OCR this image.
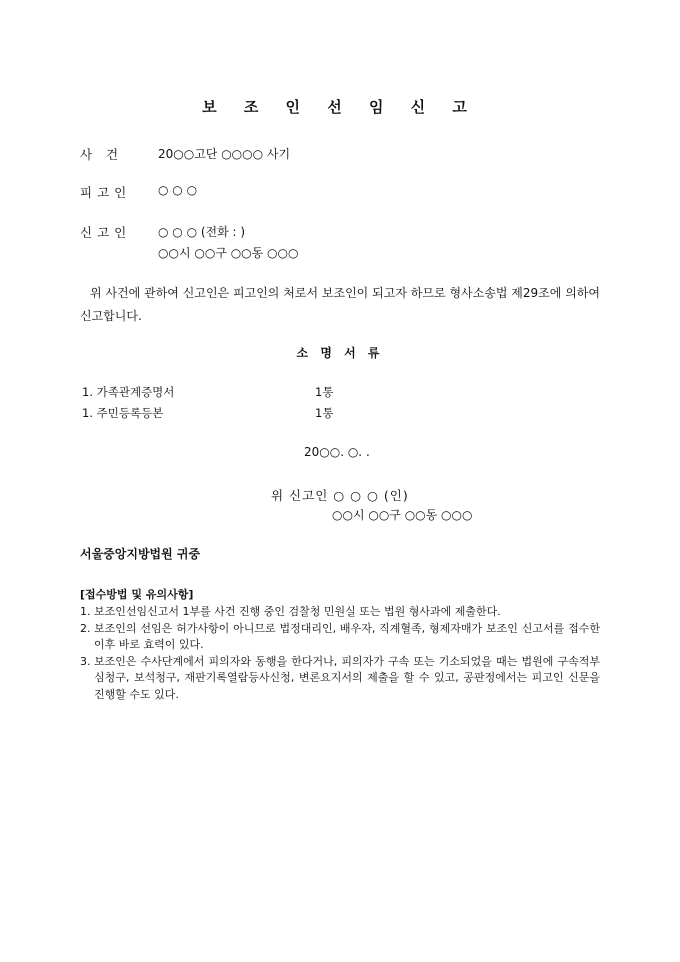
보 조 인 선 임 신 고
사 건	20○○고단 ○○○○ 사기
피고인 ○ ○ ○
신고인 ○ ○ ○ (전화 : )
○○시 ○○구 ○○동 ○○○
위 사건에 관하여 신고인은 피고인의 처로서 보조인이 되고자 하므로 형사소송법 제29조에 의하여 신고합니다.
소 명 서 류
1. 가족관계증명서	1통
1. 주민등록등본	1통
20○○. ○. .
위 신고인 ○ ○ ○ (인)
○○시 ○○구 ○○동 ○○○
서울중앙지방법원 귀중
[접수방법 및 유의사항]
1. 보조인선임신고서 1부를 사건 진행 중인 검찰청 민원실 또는 법원 형사과에 제출한다.
2. 보조인의 선임은 허가사항이 아니므로 법정대리인, 배우자, 직계혈족, 형제자매가 보조인 신고서를 접수한 이후 바로 효력이 있다.
3. 보조인은 수사단계에서 피의자와 동행을 한다거나, 피의자가 구속 또는 기소되었을 때는 법원에 구속적부심청구, 보석청구, 재판기록열람등사신청, 변론요지서의 제출을 할 수 있고, 공판정에서는 피고인 신문을 진행할 수도 있다.
